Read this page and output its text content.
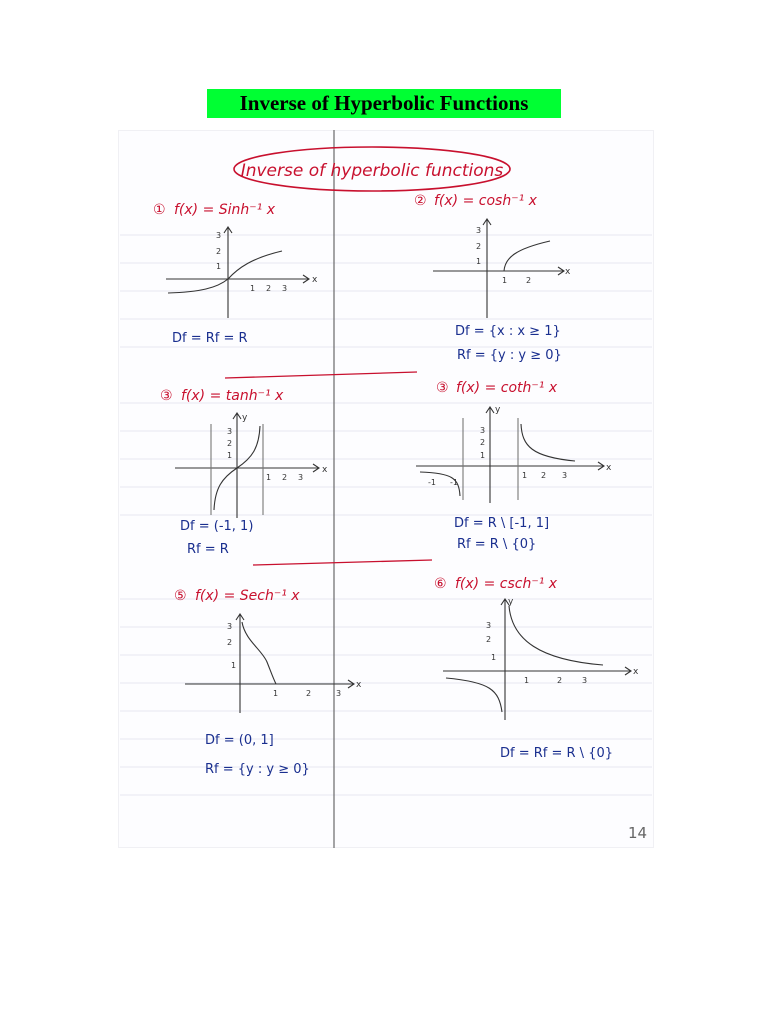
Inverse of Hyperbolic Functions
Inverse of hyperbolic functions
① f(x) = Sinh⁻¹ x
x
3
2
1
1 2 3
Df = Rf = R
② f(x) = cosh⁻¹ x
x
3
2
1
1 2
Df = {x : x ≥ 1}
Rf = {y : y ≥ 0}
③ f(x) = tanh⁻¹ x
x
y
3
2
1
1 2 3
Df = (-1, 1)
Rf = R
③ f(x) = coth⁻¹ x
x
y
3
2
1
1 2 3
-1 -1
Df = R \ [-1, 1]
Rf = R \ {0}
⑤ f(x) = Sech⁻¹ x
x
3
2
1
1	2	3
Df = (0, 1]
Rf = {y : y ≥ 0}
⑥ f(x) = csch⁻¹ x
x
y
3
2
1
1	2 3
Df = Rf = R \ {0}
14
